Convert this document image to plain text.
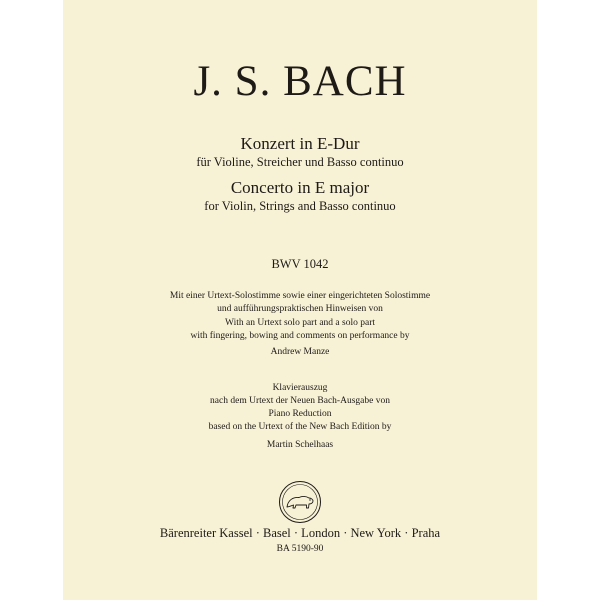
J. S. BACH
Konzert in E-Dur
für Violine, Streicher und Basso continuo
Concerto in E major
for Violin, Strings and Basso continuo
BWV 1042
Mit einer Urtext-Solostimme sowie einer eingerichteten Solostimme
und aufführungspraktischen Hinweisen von
With an Urtext solo part and a solo part
with fingering, bowing and comments on performance by
Andrew Manze
Klavierauszug
nach dem Urtext der Neuen Bach-Ausgabe von
Piano Reduction
based on the Urtext of the New Bach Edition by
Martin Schelhaas
Bärenreiter Kassel · Basel · London · New York · Praha
BA 5190-90
